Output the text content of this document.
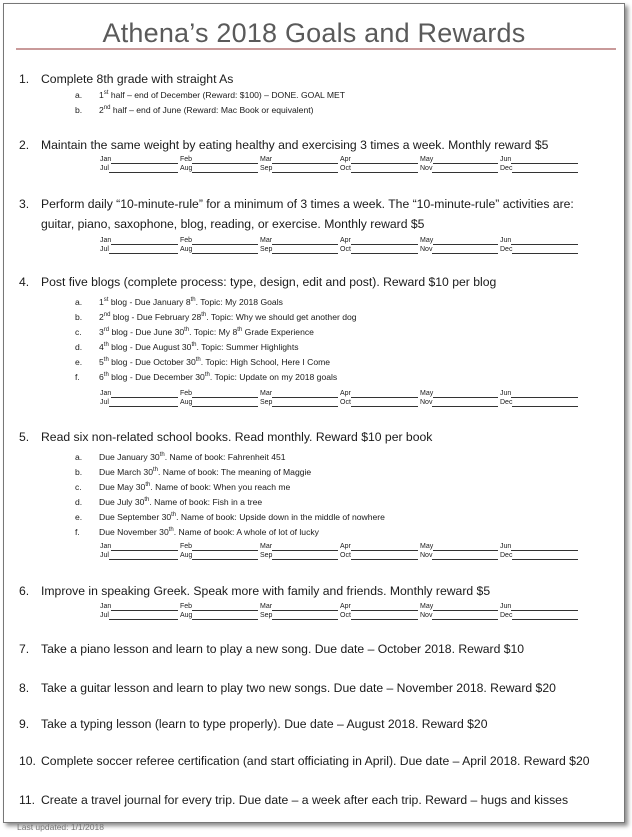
Athena’s 2018 Goals and Rewards
1. Complete 8th grade with straight As
a. 1st half – end of December (Reward: $100) – DONE. GOAL MET
b. 2nd half – end of June (Reward: Mac Book or equivalent)
2. Maintain the same weight by eating healthy and exercising 3 times a week. Monthly reward $5
Jan	Feb	Mar	Apr	May	Jun
Jul	Aug	Sep	Oct	Nov	Dec
3. Perform daily “10-minute-rule” for a minimum of 3 times a week. The “10-minute-rule” activities are:
guitar, piano, saxophone, blog, reading, or exercise. Monthly reward $5
Jan	Feb	Mar	Apr	May	Jun
Jul	Aug	Sep	Oct	Nov	Dec
4. Post five blogs (complete process: type, design, edit and post). Reward $10 per blog
a. 1st blog - Due January 8th. Topic: My 2018 Goals
b. 2nd blog - Due February 28th. Topic: Why we should get another dog
c. 3rd blog - Due June 30th. Topic: My 8th Grade Experience
d. 4th blog - Due August 30th. Topic: Summer Highlights
e. 5th blog - Due October 30th. Topic: High School, Here I Come
f. 6th blog - Due December 30th. Topic: Update on my 2018 goals
Jan	Feb	Mar	Apr	May	Jun
Jul	Aug	Sep	Oct	Nov	Dec
5. Read six non-related school books. Read monthly. Reward $10 per book
a. Due January 30th. Name of book: Fahrenheit 451
b. Due March 30th. Name of book: The meaning of Maggie
c. Due May 30th. Name of book: When you reach me
d. Due July 30th. Name of book: Fish in a tree
e. Due September 30th. Name of book: Upside down in the middle of nowhere
f. Due November 30th. Name of book: A whole of lot of lucky
Jan	Feb	Mar	Apr	May	Jun
Jul	Aug	Sep	Oct	Nov	Dec
6. Improve in speaking Greek. Speak more with family and friends. Monthly reward $5
Jan	Feb	Mar	Apr	May	Jun
Jul	Aug	Sep	Oct	Nov	Dec
7. Take a piano lesson and learn to play a new song. Due date – October 2018. Reward $10
8. Take a guitar lesson and learn to play two new songs. Due date – November 2018. Reward $20
9. Take a typing lesson (learn to type properly). Due date – August 2018. Reward $20
10. Complete soccer referee certification (and start officiating in April). Due date – April 2018. Reward $20
11. Create a travel journal for every trip. Due date – a week after each trip. Reward – hugs and kisses
Last updated: 1/1/2018
